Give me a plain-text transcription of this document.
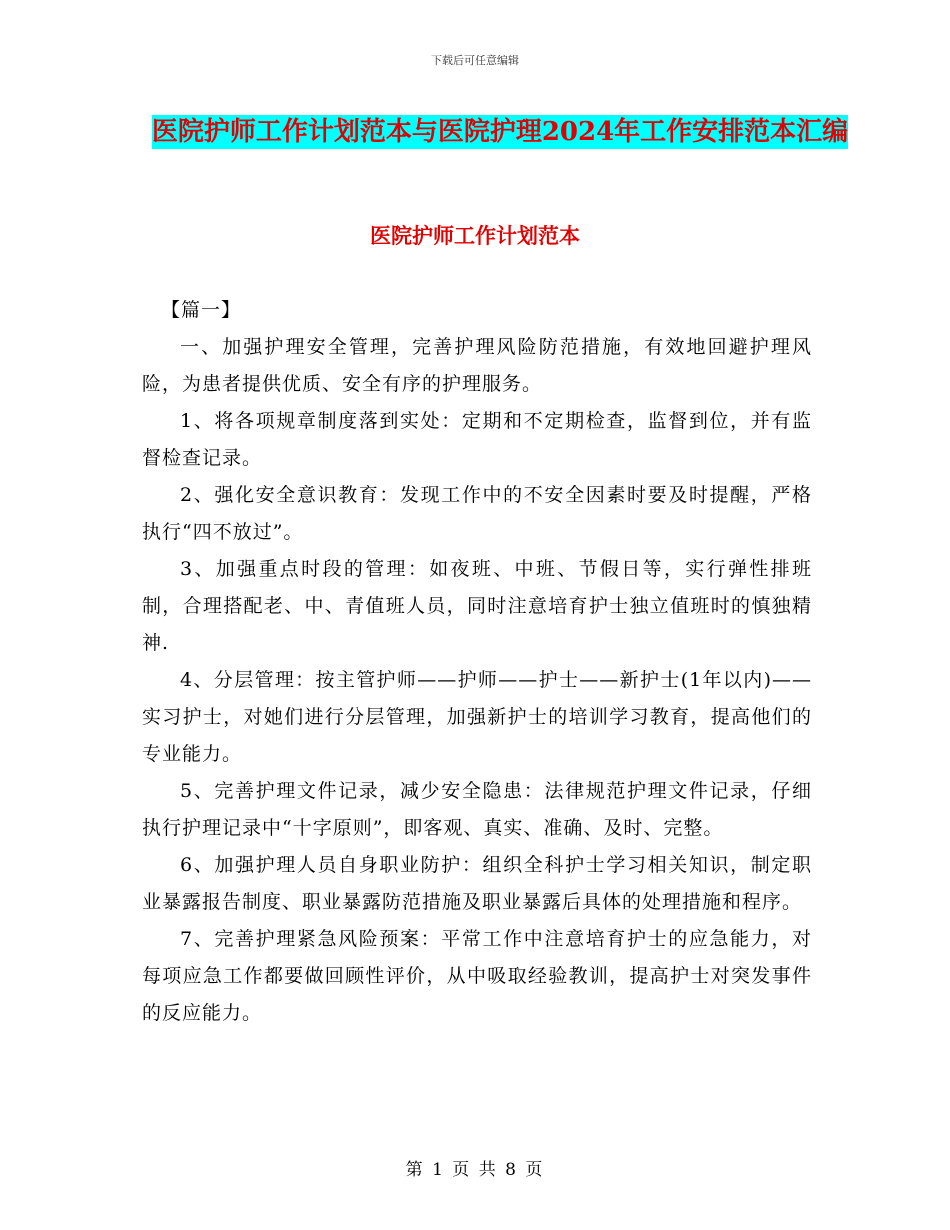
下载后可任意编辑
医院护师工作计划范本与医院护理2024年工作安排范本汇编
医院护师工作计划范本

【篇一】

一、加强护理安全管理，完善护理风险防范措施，有效地回避护理风险，为患者提供优质、安全有序的护理服务。

1、将各项规章制度落到实处：定期和不定期检查，监督到位，并有监督检查记录。

2、强化安全意识教育：发现工作中的不安全因素时要及时提醒，严格执行“四不放过”。

3、加强重点时段的管理：如夜班、中班、节假日等，实行弹性排班制，合理搭配老、中、青值班人员，同时注意培育护士独立值班时的慎独精神.

4、分层管理：按主管护师——护师——护士——新护士(1年以内)——实习护士，对她们进行分层管理，加强新护士的培训学习教育，提高他们的专业能力。

5、完善护理文件记录，减少安全隐患：法律规范护理文件记录，仔细执行护理记录中“十字原则”，即客观、真实、准确、及时、完整。

6、加强护理人员自身职业防护：组织全科护士学习相关知识，制定职业暴露报告制度、职业暴露防范措施及职业暴露后具体的处理措施和程序。

7、完善护理紧急风险预案：平常工作中注意培育护士的应急能力，对每项应急工作都要做回顾性评价，从中吸取经验教训，提高护士对突发事件的反应能力。

第 1 页 共 8 页
